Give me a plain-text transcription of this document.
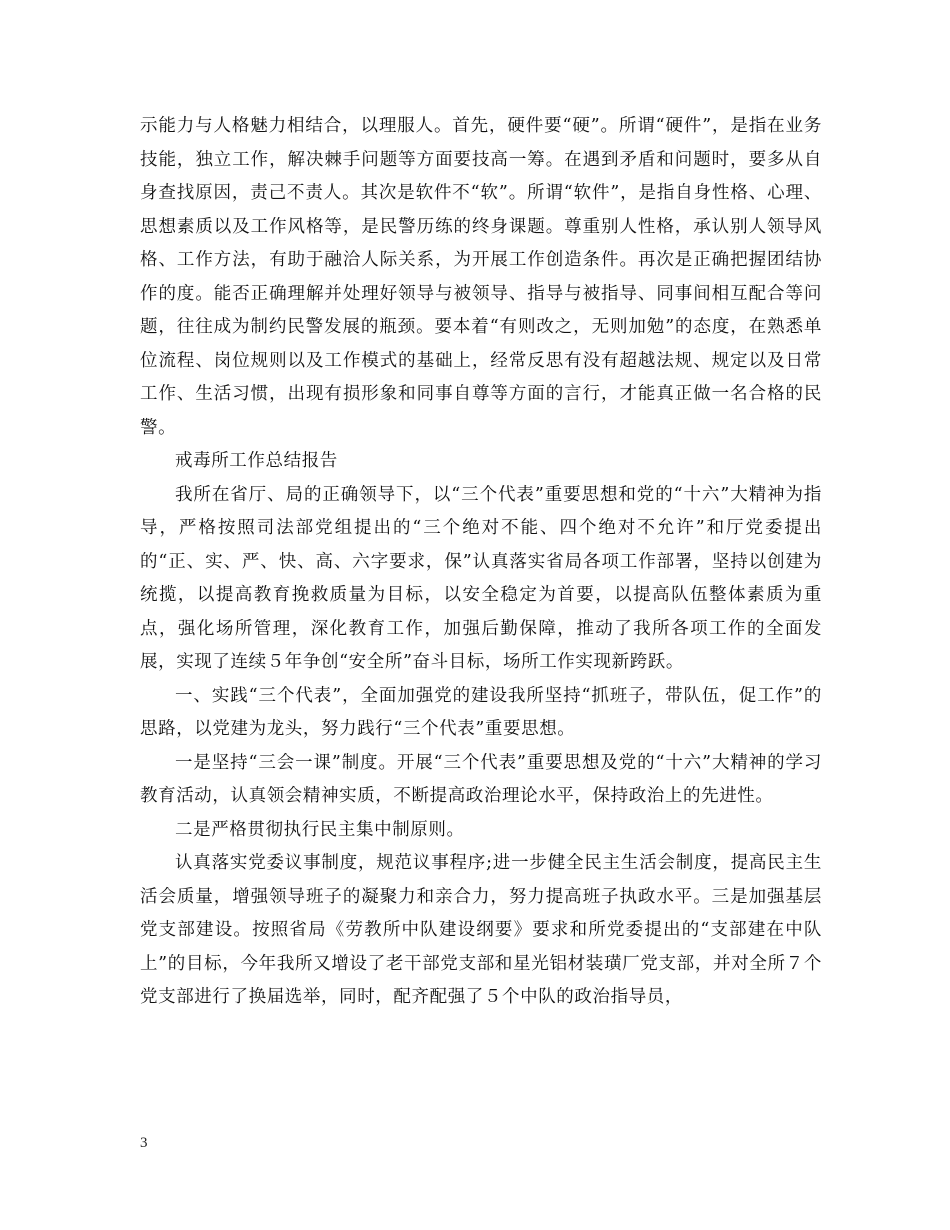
示能力与人格魅力相结合，以理服人。首先，硬件要“硬”。所谓“硬件”，是指在业务技能，独立工作，解决棘手问题等方面要技高一筹。在遇到矛盾和问题时，要多从自身查找原因，责己不责人。其次是软件不“软”。所谓“软件”，是指自身性格、心理、思想素质以及工作风格等，是民警历练的终身课题。尊重别人性格，承认别人领导风格、工作方法，有助于融洽人际关系，为开展工作创造条件。再次是正确把握团结协作的度。能否正确理解并处理好领导与被领导、指导与被指导、同事间相互配合等问题，往往成为制约民警发展的瓶颈。要本着“有则改之，无则加勉”的态度，在熟悉单位流程、岗位规则以及工作模式的基础上，经常反思有没有超越法规、规定以及日常工作、生活习惯，出现有损形象和同事自尊等方面的言行，才能真正做一名合格的民警。

戒毒所工作总结报告

我所在省厅、局的正确领导下，以“三个代表”重要思想和党的“十六”大精神为指导，严格按照司法部党组提出的“三个绝对不能、四个绝对不允许”和厅党委提出的“正、实、严、快、高、六字要求，保”认真落实省局各项工作部署，坚持以创建为统揽，以提高教育挽救质量为目标，以安全稳定为首要，以提高队伍整体素质为重点，强化场所管理，深化教育工作，加强后勤保障，推动了我所各项工作的全面发展，实现了连续５年争创“安全所”奋斗目标，场所工作实现新跨跃。

一、实践“三个代表”，全面加强党的建设我所坚持“抓班子，带队伍，促工作”的思路，以党建为龙头，努力践行“三个代表”重要思想。

一是坚持“三会一课”制度。开展“三个代表”重要思想及党的“十六”大精神的学习教育活动，认真领会精神实质，不断提高政治理论水平，保持政治上的先进性。

二是严格贯彻执行民主集中制原则。

认真落实党委议事制度，规范议事程序;进一步健全民主生活会制度，提高民主生活会质量，增强领导班子的凝聚力和亲合力，努力提高班子执政水平。三是加强基层党支部建设。按照省局《劳教所中队建设纲要》要求和所党委提出的“支部建在中队上”的目标，今年我所又增设了老干部党支部和星光铝材装璜厂党支部，并对全所７个党支部进行了换届选举，同时，配齐配强了５个中队的政治指导员，

3
